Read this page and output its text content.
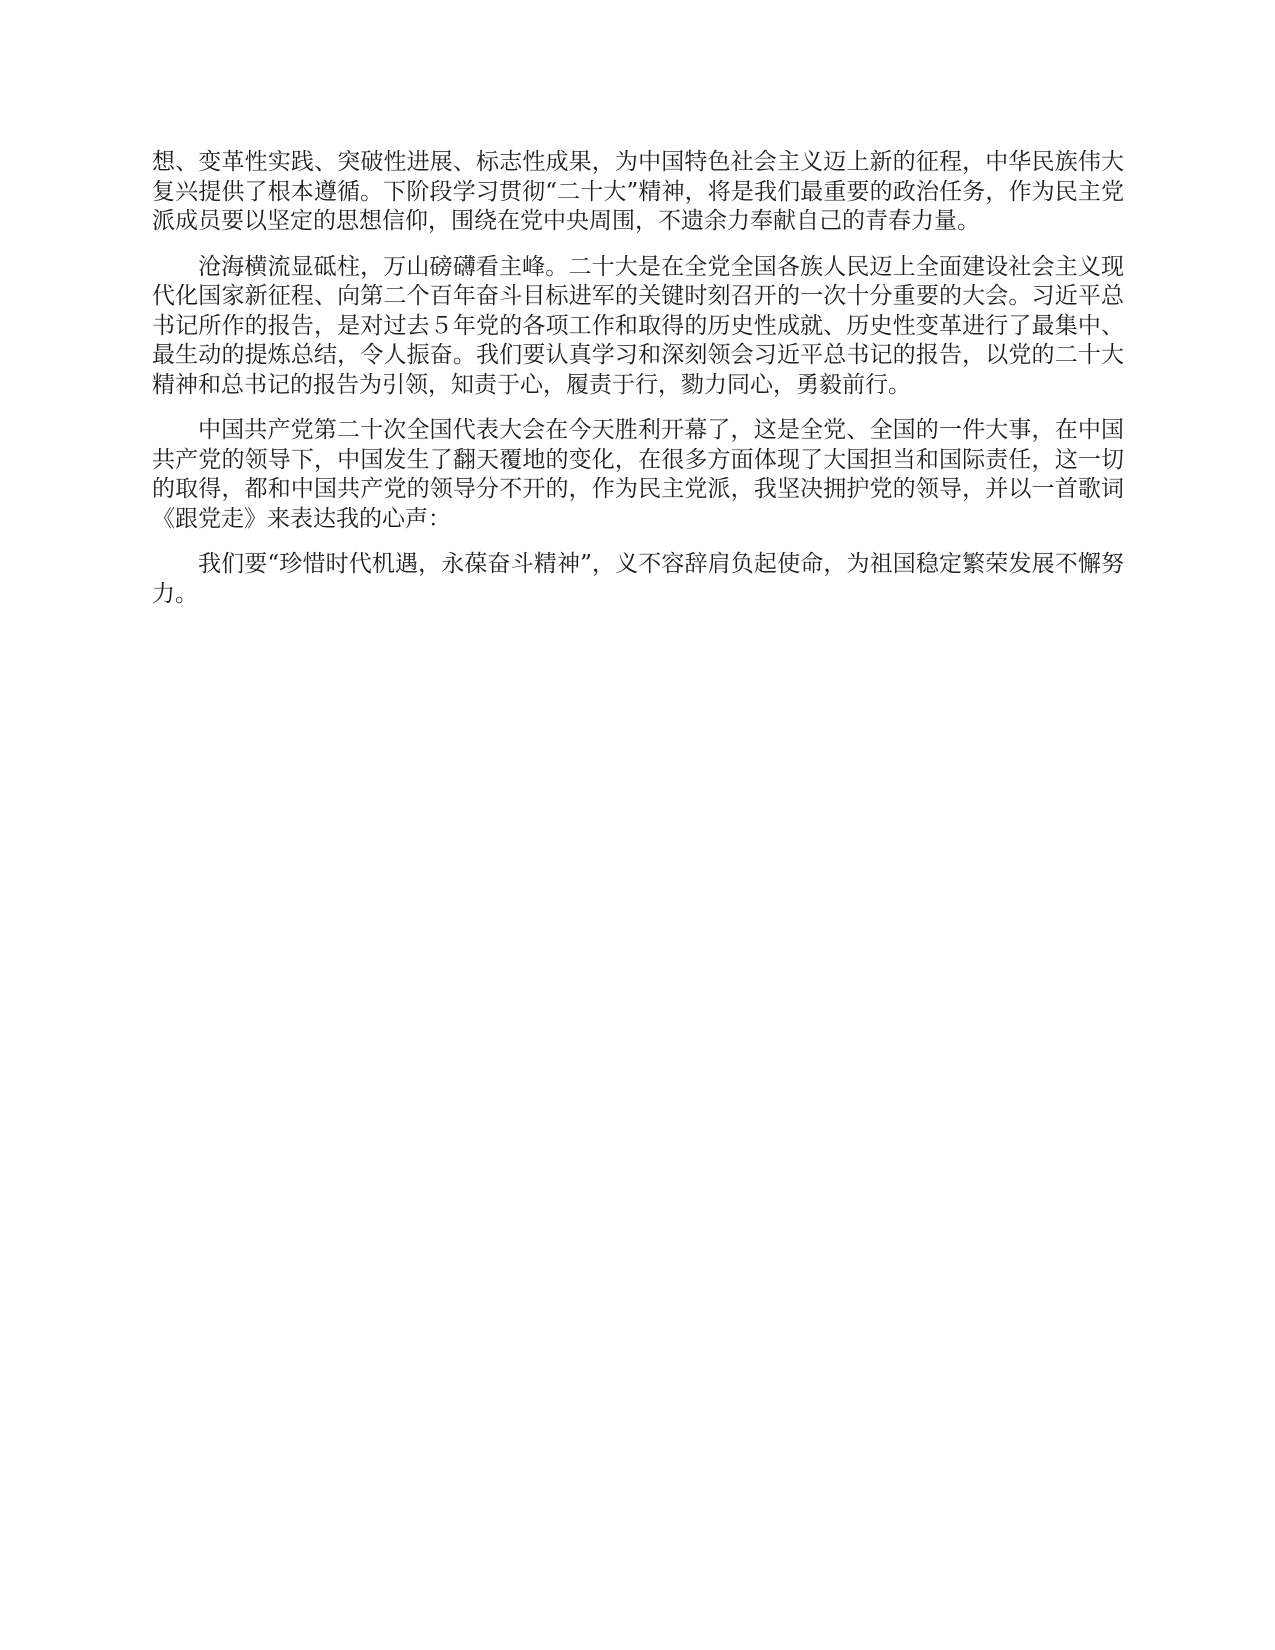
想、变革性实践、突破性进展、标志性成果，为中国特色社会主义迈上新的征程，中华民族伟大复兴提供了根本遵循。下阶段学习贯彻“二十大”精神，将是我们最重要的政治任务，作为民主党派成员要以坚定的思想信仰，围绕在党中央周围，不遗余力奉献自己的青春力量。

沧海横流显砥柱，万山磅礴看主峰。二十大是在全党全国各族人民迈上全面建设社会主义现代化国家新征程、向第二个百年奋斗目标进军的关键时刻召开的一次十分重要的大会。习近平总书记所作的报告，是对过去５年党的各项工作和取得的历史性成就、历史性变革进行了最集中、最生动的提炼总结，令人振奋。我们要认真学习和深刻领会习近平总书记的报告，以党的二十大精神和总书记的报告为引领，知责于心，履责于行，勠力同心，勇毅前行。

中国共产党第二十次全国代表大会在今天胜利开幕了，这是全党、全国的一件大事，在中国共产党的领导下，中国发生了翻天覆地的变化，在很多方面体现了大国担当和国际责任，这一切的取得，都和中国共产党的领导分不开的，作为民主党派，我坚决拥护党的领导，并以一首歌词《跟党走》来表达我的心声：

我们要“珍惜时代机遇，永葆奋斗精神”，义不容辞肩负起使命，为祖国稳定繁荣发展不懈努力。
